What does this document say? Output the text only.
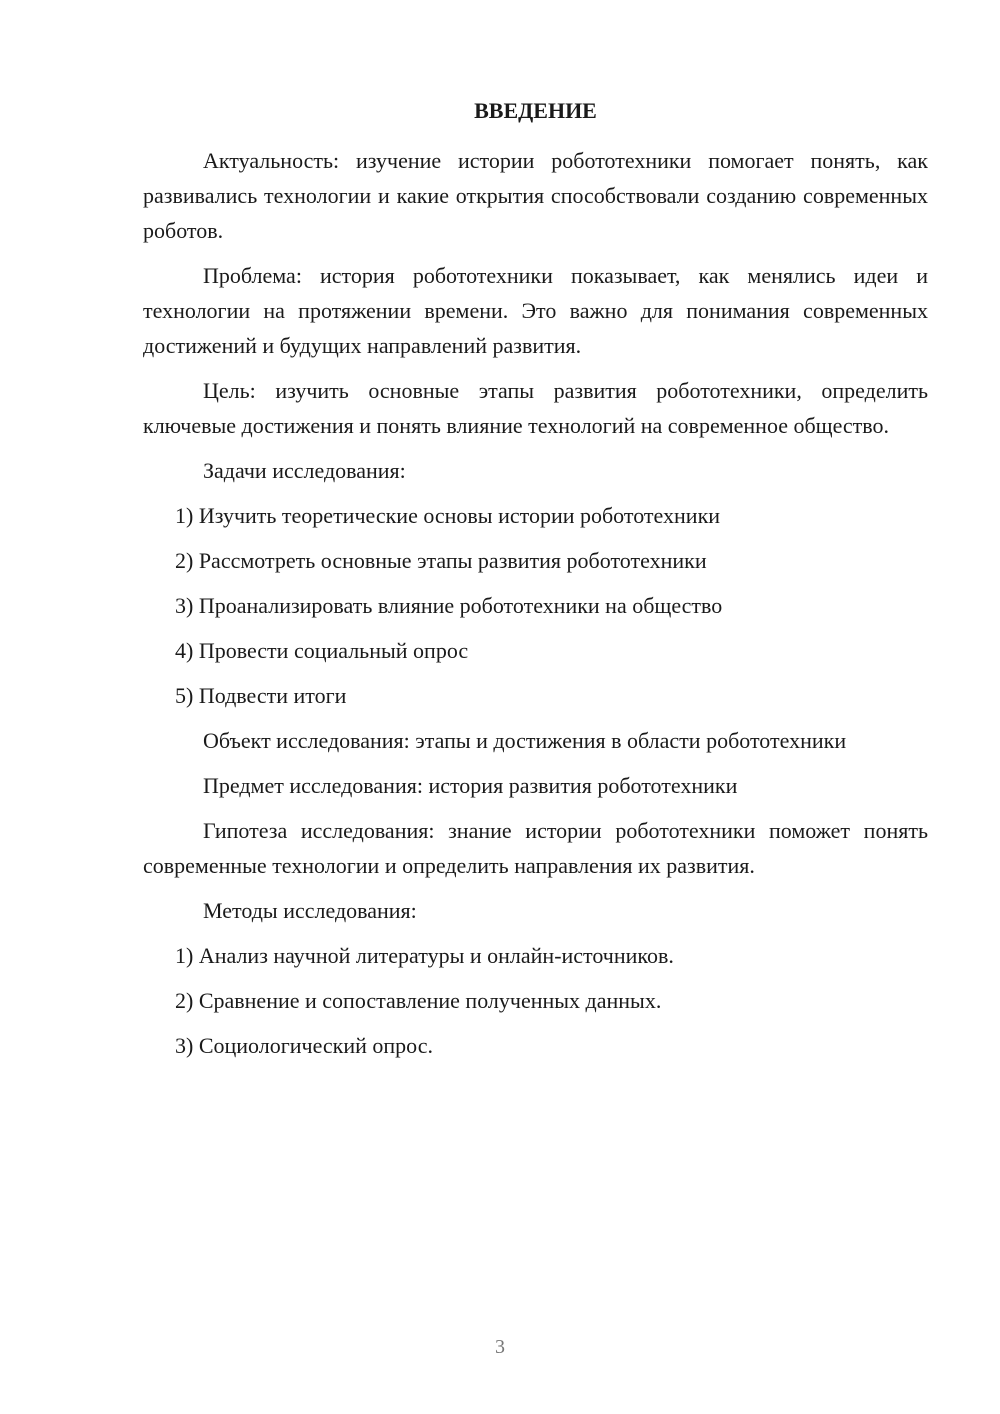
ВВЕДЕНИЕ

Актуальность: изучение истории робототехники помогает понять, как развивались технологии и какие открытия способствовали созданию современных роботов.

Проблема: история робототехники показывает, как менялись идеи и технологии на протяжении времени. Это важно для понимания современных достижений и будущих направлений развития.

Цель: изучить основные этапы развития робототехники, определить ключевые достижения и понять влияние технологий на современное общество.

Задачи исследования:

1) Изучить теоретические основы истории робототехники
2) Рассмотреть основные этапы развития робототехники
3) Проанализировать влияние робототехники на общество
4) Провести социальный опрос
5) Подвести итоги

Объект исследования: этапы и достижения в области робототехники

Предмет исследования: история развития робототехники

Гипотеза исследования: знание истории робототехники поможет понять современные технологии и определить направления их развития.

Методы исследования:

1) Анализ научной литературы и онлайн-источников.
2) Сравнение и сопоставление полученных данных.
3) Социологический опрос.
3
